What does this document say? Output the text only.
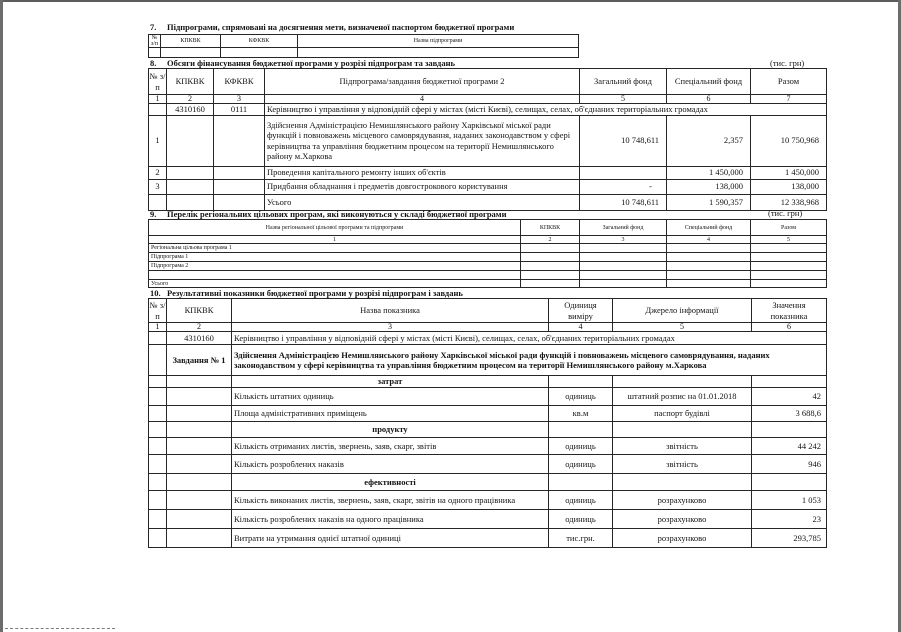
7. Підпрограми, спрямовані на досягнення мети, визначеної паспортом бюджетної програми
№ з/п	КПКВК	КФКВК	Назва підпрограми

8. Обсяги фінансування бюджетної програми у розрізі підпрограм та завдань	(тис. грн)
№ з/п	КПКВК	КФКВК	Підпрограма/завдання бюджетної програми 2	Загальний фонд	Спеціальний фонд	Разом
1	2	3	4	5	6	7
	4310160	0111	Керівництво і управління у відповідній сфері у містах (місті Києві), селищах, селах, об'єднаних територіальних громадах			
1			Здійснення Адміністрацією Немишлянського району Харківської міської ради функцій і повноважень місцевого самоврядування, наданих законодавством у сфері керівництва та управління бюджетним процесом на території Немишлянського району м.Харкова	10 748,611	2,357	10 750,968
2			Проведення капітального ремонту інших об'єктів		1 450,000	1 450,000
3			Придбання обладнання і предметів довгострокового користування	-	138,000	138,000
			Усього	10 748,611	1 590,357	12 338,968
9. Перелік регіональних цільових програм, які виконуються у складі бюджетної програми	(тис. грн)
Назва регіональної цільової програми та підпрограми	КПКВК	Загальний фонд	Спеціальний фонд	Разом
1	2	3	4	5
Регіональна цільова програма 1				
Підпрограма 1				
Підпрограма 2				

Усього				
10. Результативні показники бюджетної програми у розрізі підпрограм і завдань
№ з/п	КПКВК	Назва показника	Одиниця виміру	Джерело інформації	Значення показника
1	2	3	4	5	6
	4310160	Керівництво і управління у відповідній сфері у містах (місті Києві), селищах, селах, об'єднаних територіальних громадах			
	Завдання № 1	Здійснення Адміністрацією Немишлянського району Харківської міської ради функцій і повноважень місцевого самоврядування, наданих законодавством у сфері керівництва та управління бюджетним процесом на території Немишлянського району м.Харкова			
		затрат			
		Кількість штатних одиниць	одиниць	штатний розпис на 01.01.2018	42
		Площа адміністративних приміщень	кв.м	паспорт будівлі	3 688,6
		продукту			
		Кількість отриманих листів, звернень, заяв, скарг, звітів	одиниць	звітність	44 242
		Кількість розроблених наказів	одиниць	звітність	946
		ефективності			
		Кількість виконаних листів, звернень, заяв, скарг, звітів на одного працівника	одиниць	розрахунково	1 053
		Кількість розроблених наказів на одного працівника	одиниць	розрахунково	23
		Витрати на утримання однієї штатної одиниці	тис.грн.	розрахунково	293,785
